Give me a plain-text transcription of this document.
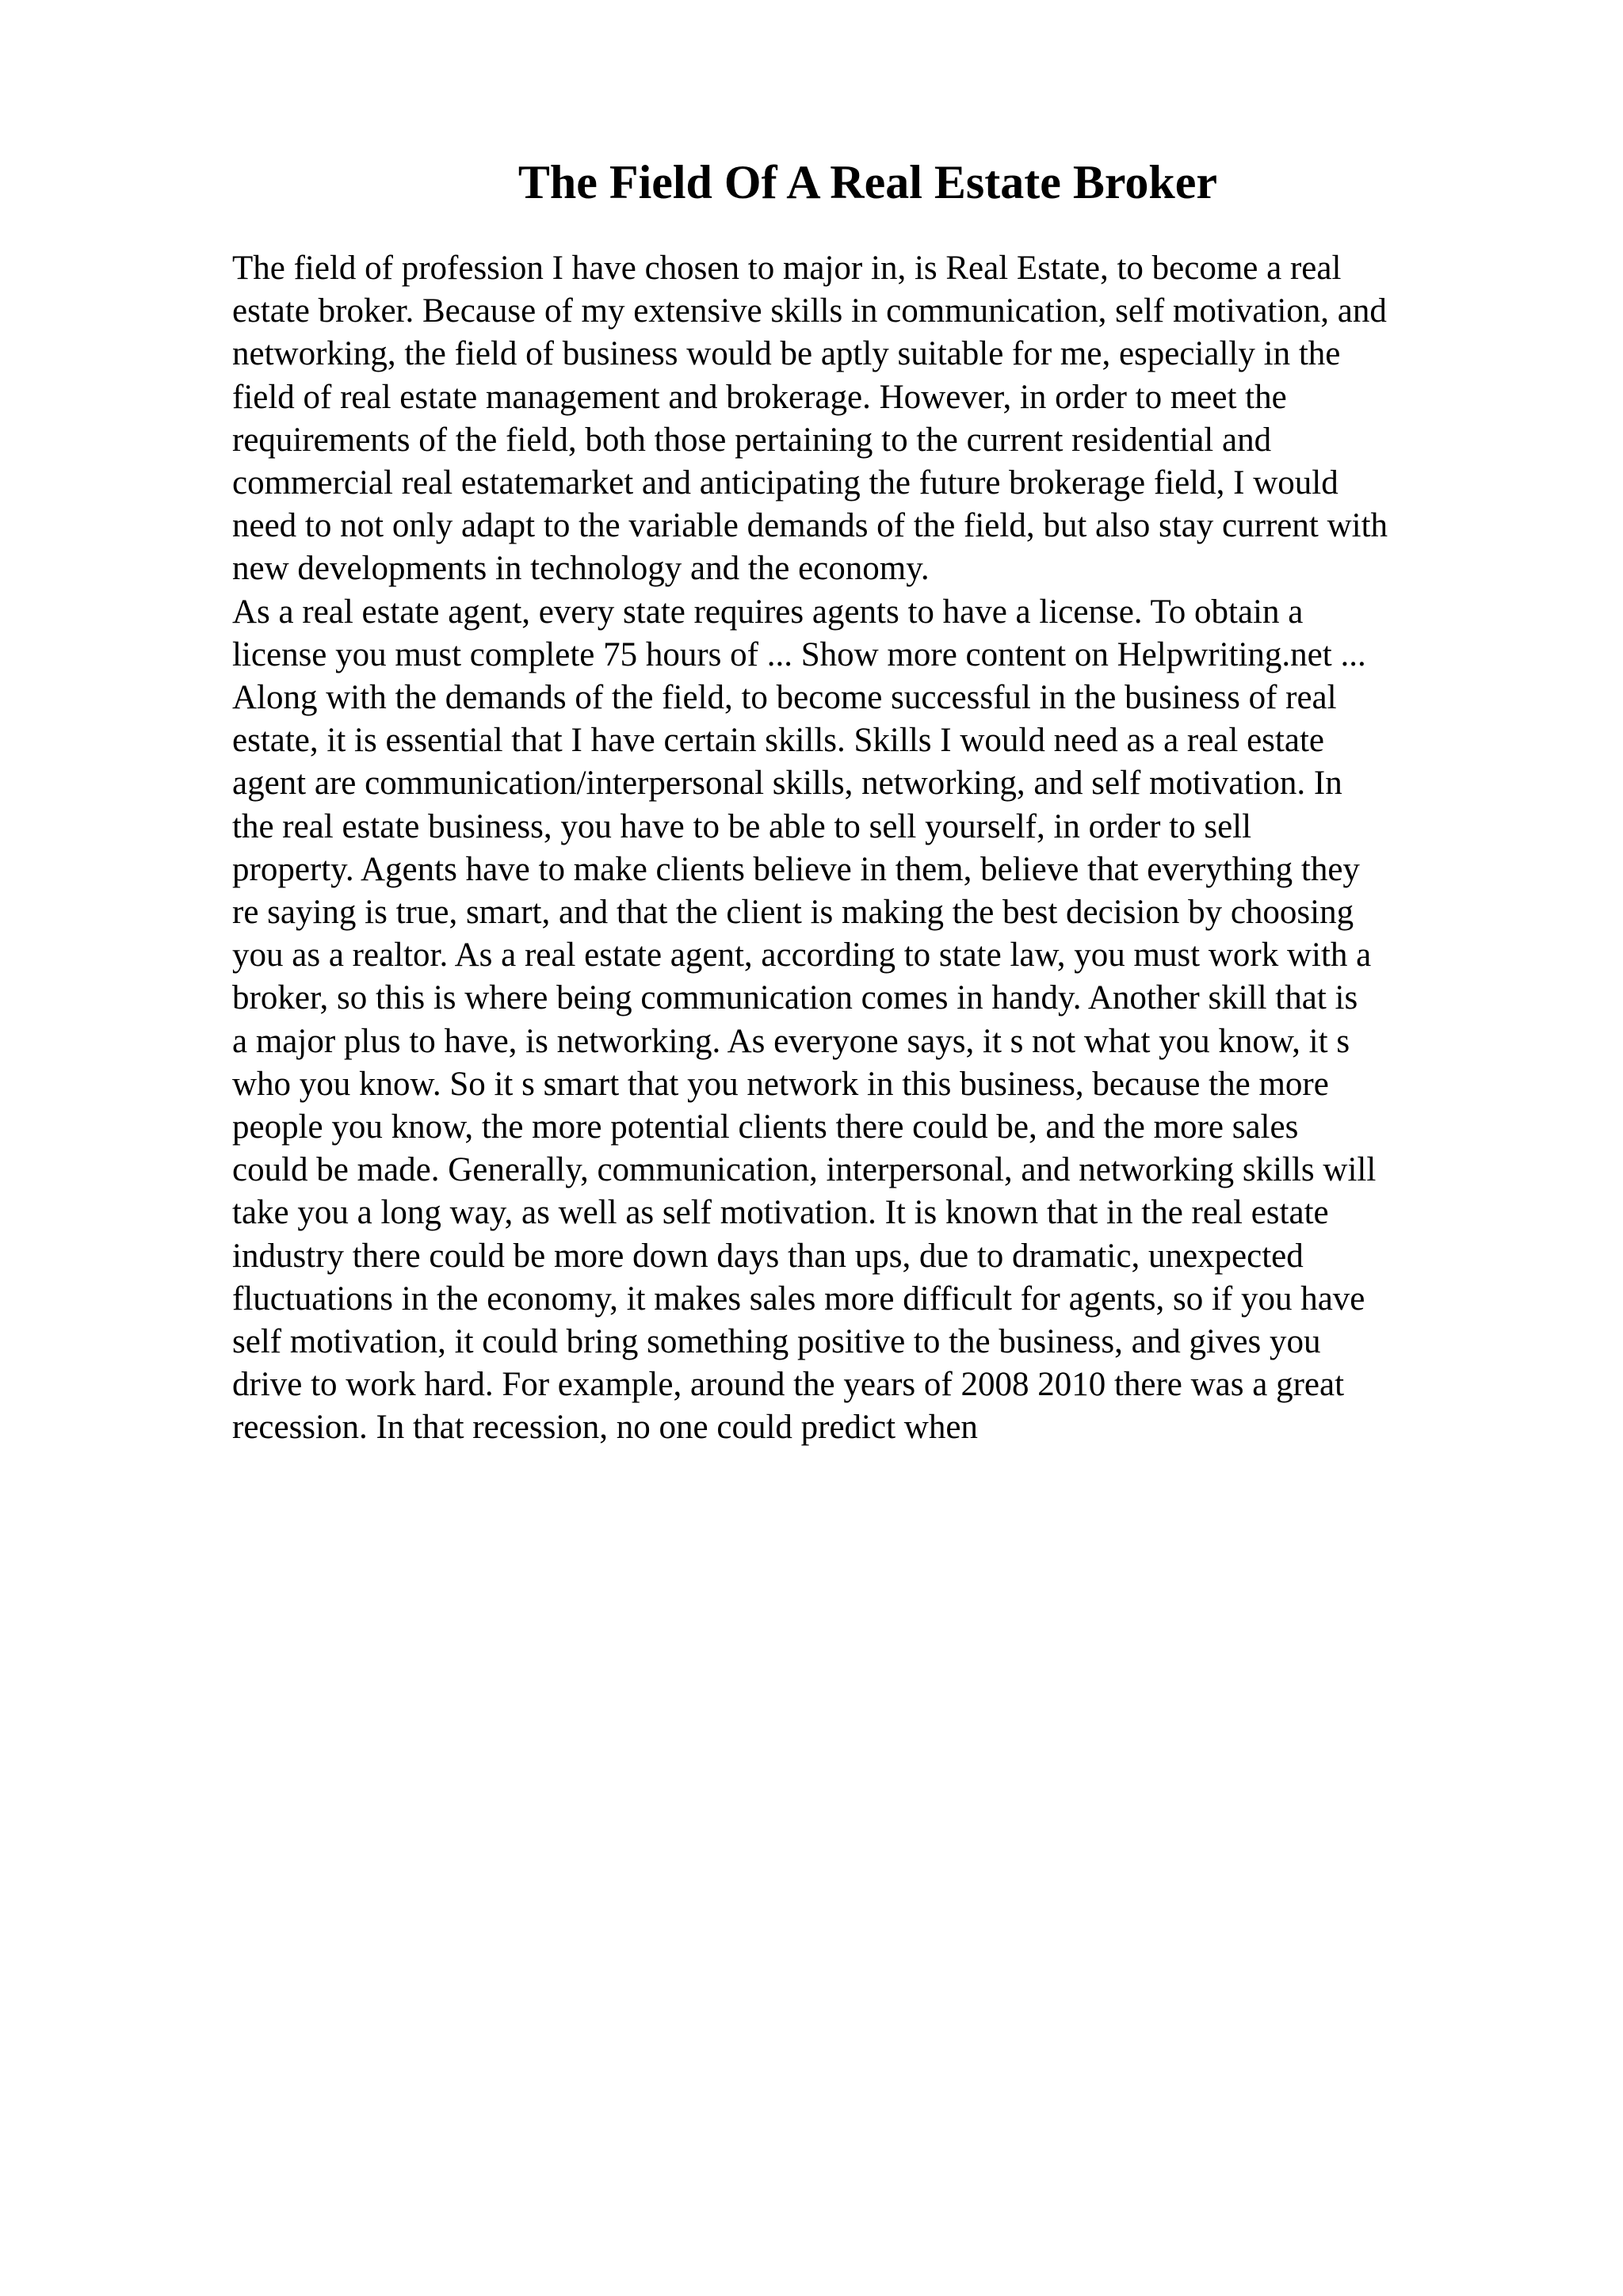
The Field Of A Real Estate Broker
The field of profession I have chosen to major in, is Real Estate, to become a real
estate broker. Because of my extensive skills in communication, self motivation, and
networking, the field of business would be aptly suitable for me, especially in the
field of real estate management and brokerage. However, in order to meet the
requirements of the field, both those pertaining to the current residential and
commercial real estatemarket and anticipating the future brokerage field, I would
need to not only adapt to the variable demands of the field, but also stay current with
new developments in technology and the economy.
As a real estate agent, every state requires agents to have a license. To obtain a
license you must complete 75 hours of ... Show more content on Helpwriting.net ...
Along with the demands of the field, to become successful in the business of real
estate, it is essential that I have certain skills. Skills I would need as a real estate
agent are communication/interpersonal skills, networking, and self motivation. In
the real estate business, you have to be able to sell yourself, in order to sell
property. Agents have to make clients believe in them, believe that everything they
re saying is true, smart, and that the client is making the best decision by choosing
you as a realtor. As a real estate agent, according to state law, you must work with a
broker, so this is where being communication comes in handy. Another skill that is
a major plus to have, is networking. As everyone says, it s not what you know, it s
who you know. So it s smart that you network in this business, because the more
people you know, the more potential clients there could be, and the more sales
could be made. Generally, communication, interpersonal, and networking skills will
take you a long way, as well as self motivation. It is known that in the real estate
industry there could be more down days than ups, due to dramatic, unexpected
fluctuations in the economy, it makes sales more difficult for agents, so if you have
self motivation, it could bring something positive to the business, and gives you
drive to work hard. For example, around the years of 2008 2010 there was a great
recession. In that recession, no one could predict when
